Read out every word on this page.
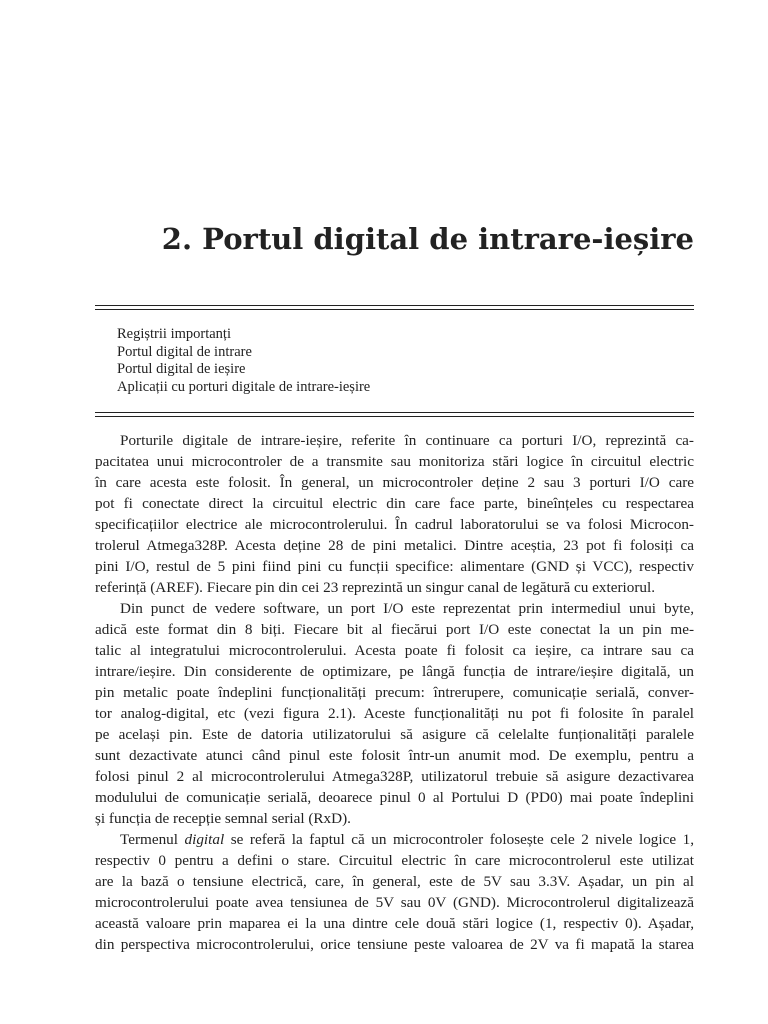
2. Portul digital de intrare-ieșire
Regiștrii importanți
Portul digital de intrare
Portul digital de ieșire
Aplicații cu porturi digitale de intrare-ieșire

Porturile digitale de intrare-ieșire, referite în continuare ca porturi I/O, reprezintă ca-
pacitatea unui microcontroler de a transmite sau monitoriza stări logice în circuitul electric
în care acesta este folosit. În general, un microcontroler deține 2 sau 3 porturi I/O care
pot fi conectate direct la circuitul electric din care face parte, bineînțeles cu respectarea
specificațiilor electrice ale microcontrolerului. În cadrul laboratorului se va folosi Microcon-
trolerul Atmega328P. Acesta deține 28 de pini metalici. Dintre aceștia, 23 pot fi folosiți ca
pini I/O, restul de 5 pini fiind pini cu funcții specifice: alimentare (GND și VCC), respectiv
referință (AREF). Fiecare pin din cei 23 reprezintă un singur canal de legătură cu exteriorul.

Din punct de vedere software, un port I/O este reprezentat prin intermediul unui byte,
adică este format din 8 biți. Fiecare bit al fiecărui port I/O este conectat la un pin me-
talic al integratului microcontrolerului. Acesta poate fi folosit ca ieșire, ca intrare sau ca
intrare/ieșire. Din considerente de optimizare, pe lângă funcția de intrare/ieșire digitală, un
pin metalic poate îndeplini funcționalități precum: întrerupere, comunicație serială, conver-
tor analog-digital, etc (vezi figura 2.1). Aceste funcționalități nu pot fi folosite în paralel
pe același pin. Este de datoria utilizatorului să asigure că celelalte funționalități paralele
sunt dezactivate atunci când pinul este folosit într-un anumit mod. De exemplu, pentru a
folosi pinul 2 al microcontrolerului Atmega328P, utilizatorul trebuie să asigure dezactivarea
modulului de comunicație serială, deoarece pinul 0 al Portului D (PD0) mai poate îndeplini
și funcția de recepție semnal serial (RxD).

Termenul digital se referă la faptul că un microcontroler folosește cele 2 nivele logice 1,
respectiv 0 pentru a defini o stare. Circuitul electric în care microcontrolerul este utilizat
are la bază o tensiune electrică, care, în general, este de 5V sau 3.3V. Așadar, un pin al
microcontrolerului poate avea tensiunea de 5V sau 0V (GND). Microcontrolerul digitalizează
această valoare prin maparea ei la una dintre cele două stări logice (1, respectiv 0). Așadar,
din perspectiva microcontrolerului, orice tensiune peste valoarea de 2V va fi mapată la starea
